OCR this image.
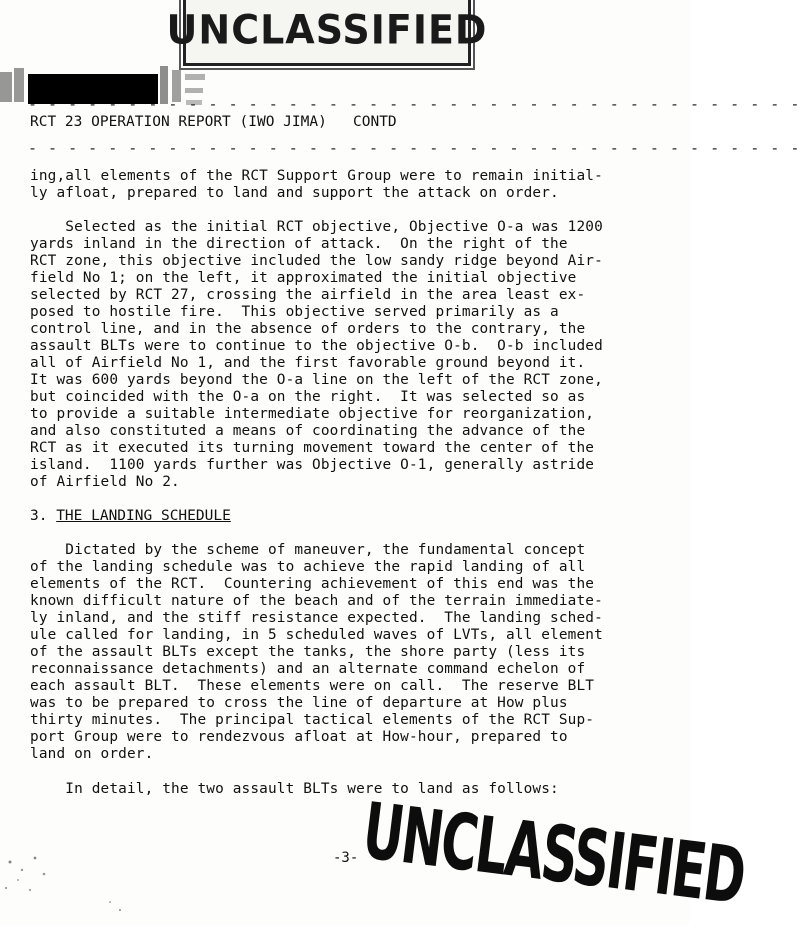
UNCLASSIFIED
- - - - - - - - - - - - - - - - - - - - - - - - - - - - - - - - - - - - - - -
RCT 23 OPERATION REPORT (IWO JIMA)   CONTD
- - - - - - - - - - - - - - - - - - - - - - - - - - - - - - - - - - - - - - -
ing,all elements of the RCT Support Group were to remain initial-
ly afloat, prepared to land and support the attack on order.
Selected as the initial RCT objective, Objective O-a was 1200
yards inland in the direction of attack.  On the right of the
RCT zone, this objective included the low sandy ridge beyond Air-
field No 1; on the left, it approximated the initial objective
selected by RCT 27, crossing the airfield in the area least ex-
posed to hostile fire.  This objective served primarily as a
control line, and in the absence of orders to the contrary, the
assault BLTs were to continue to the objective O-b.  O-b included
all of Airfield No 1, and the first favorable ground beyond it.
It was 600 yards beyond the O-a line on the left of the RCT zone,
but coincided with the O-a on the right.  It was selected so as
to provide a suitable intermediate objective for reorganization,
and also constituted a means of coordinating the advance of the
RCT as it executed its turning movement toward the center of the
island.  1100 yards further was Objective O-1, generally astride
of Airfield No 2.
3. THE LANDING SCHEDULE
Dictated by the scheme of maneuver, the fundamental concept
of the landing schedule was to achieve the rapid landing of all
elements of the RCT.  Countering achievement of this end was the
known difficult nature of the beach and of the terrain immediate-
ly inland, and the stiff resistance expected.  The landing sched-
ule called for landing, in 5 scheduled waves of LVTs, all element
of the assault BLTs except the tanks, the shore party (less its
reconnaissance detachments) and an alternate command echelon of
each assault BLT.  These elements were on call.  The reserve BLT
was to be prepared to cross the line of departure at How plus
thirty minutes.  The principal tactical elements of the RCT Sup-
port Group were to rendezvous afloat at How-hour, prepared to
land on order.
In detail, the two assault BLTs were to land as follows:
-3- UNCLASSIFIED
